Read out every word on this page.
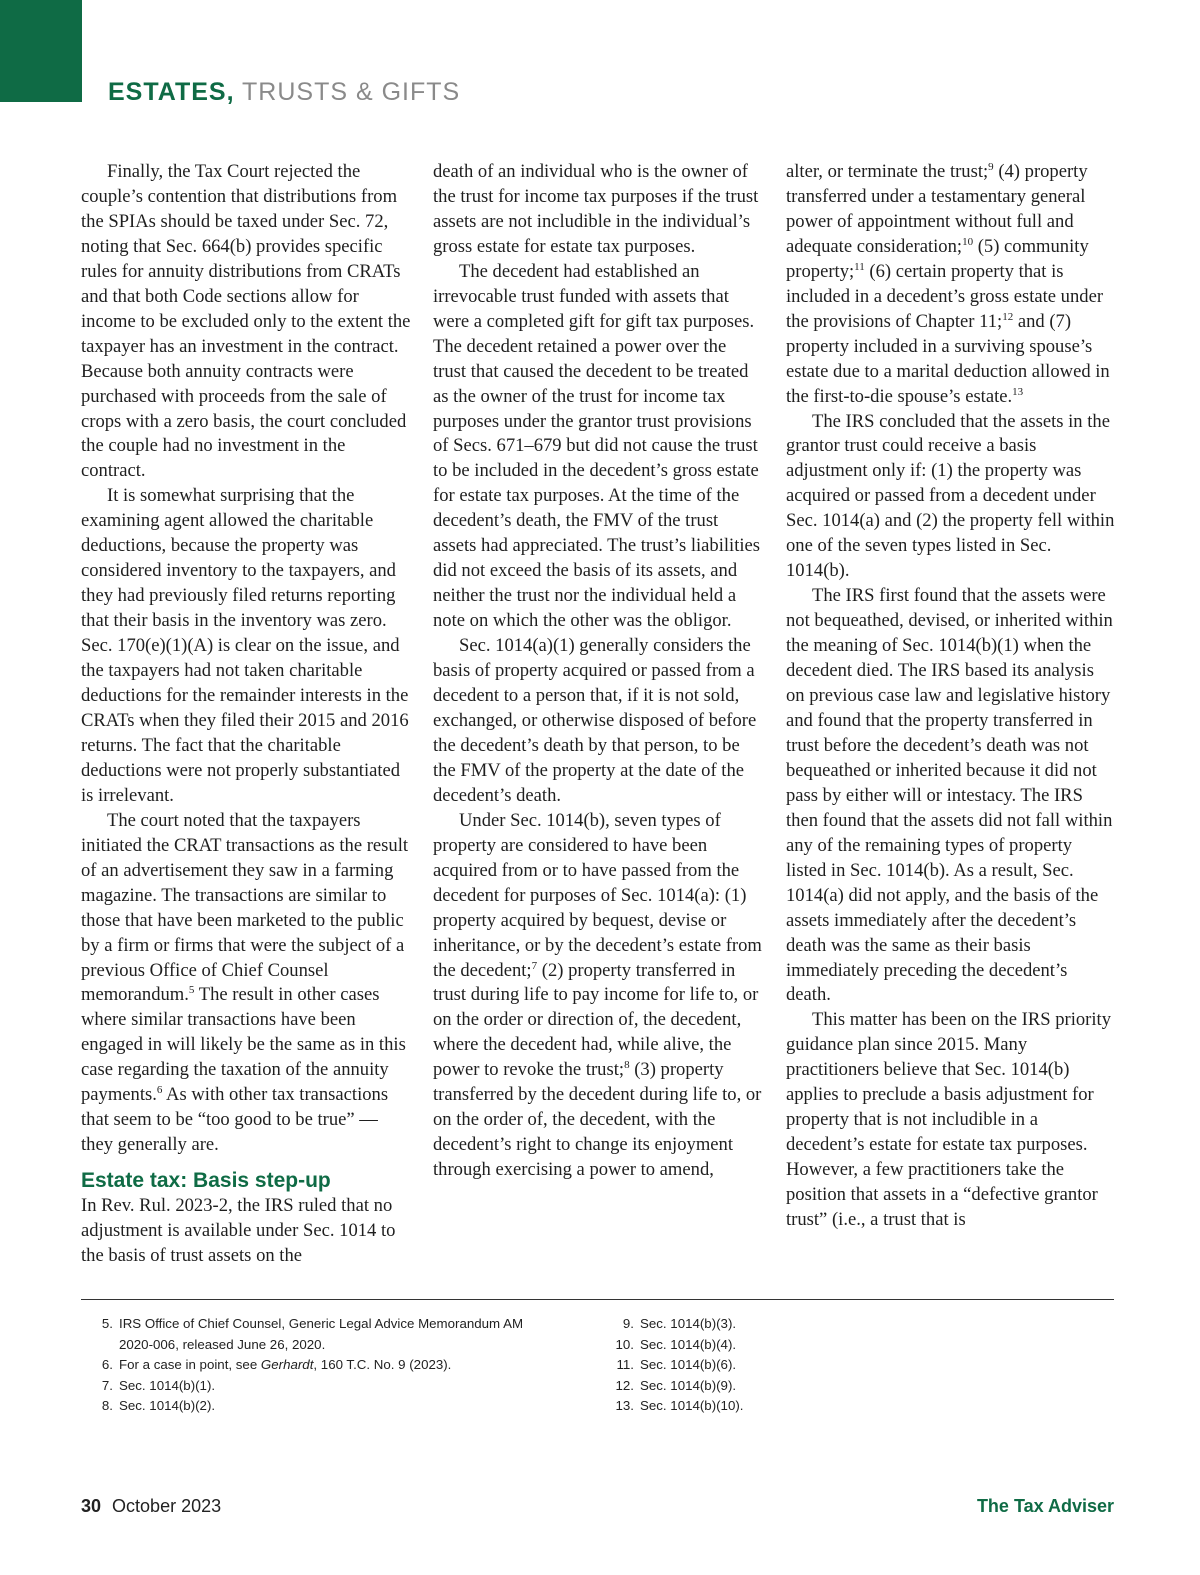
ESTATES, TRUSTS & GIFTS

Finally, the Tax Court rejected the couple’s contention that distributions from the SPIAs should be taxed under Sec. 72, noting that Sec. 664(b) provides specific rules for annuity distributions from CRATs and that both Code sections allow for income to be excluded only to the extent the taxpayer has an investment in the contract. Because both annuity contracts were purchased with proceeds from the sale of crops with a zero basis, the court concluded the couple had no investment in the contract.

It is somewhat surprising that the examining agent allowed the charitable deductions, because the property was considered inventory to the taxpayers, and they had previously filed returns reporting that their basis in the inventory was zero. Sec. 170(e)(1)(A) is clear on the issue, and the taxpayers had not taken charitable deductions for the remainder interests in the CRATs when they filed their 2015 and 2016 returns. The fact that the charitable deductions were not properly substantiated is irrelevant.

The court noted that the taxpayers initiated the CRAT transactions as the result of an advertisement they saw in a farming magazine. The transactions are similar to those that have been marketed to the public by a firm or firms that were the subject of a previous Office of Chief Counsel memorandum.$^5$ The result in other cases where similar transactions have been engaged in will likely be the same as in this case regarding the taxation of the annuity payments.$^6$ As with other tax transactions that seem to be “too good to be true” — they generally are.

Estate tax: Basis step-up

In Rev. Rul. 2023-2, the IRS ruled that no adjustment is available under Sec. 1014 to the basis of trust assets on the

death of an individual who is the owner of the trust for income tax purposes if the trust assets are not includible in the individual’s gross estate for estate tax purposes.

The decedent had established an irrevocable trust funded with assets that were a completed gift for gift tax purposes. The decedent retained a power over the trust that caused the decedent to be treated as the owner of the trust for income tax purposes under the grantor trust provisions of Secs. 671–679 but did not cause the trust to be included in the decedent’s gross estate for estate tax purposes. At the time of the decedent’s death, the FMV of the trust assets had appreciated. The trust’s liabilities did not exceed the basis of its assets, and neither the trust nor the individual held a note on which the other was the obligor.

Sec. 1014(a)(1) generally considers the basis of property acquired or passed from a decedent to a person that, if it is not sold, exchanged, or otherwise disposed of before the decedent’s death by that person, to be the FMV of the property at the date of the decedent’s death.

Under Sec. 1014(b), seven types of property are considered to have been acquired from or to have passed from the decedent for purposes of Sec. 1014(a): (1) property acquired by bequest, devise or inheritance, or by the decedent’s estate from the decedent;$^7$ (2) property transferred in trust during life to pay income for life to, or on the order or direction of, the decedent, where the decedent had, while alive, the power to revoke the trust;$^8$ (3) property transferred by the decedent during life to, or on the order of, the decedent, with the decedent’s right to change its enjoyment through exercising a power to amend,

alter, or terminate the trust;$^9$ (4) property transferred under a testamentary general power of appointment without full and adequate consideration;$^{10}$ (5) community property;$^{11}$ (6) certain property that is included in a decedent’s gross estate under the provisions of Chapter 11;$^{12}$ and (7) property included in a surviving spouse’s estate due to a marital deduction allowed in the first-to-die spouse’s estate.$^{13}$

The IRS concluded that the assets in the grantor trust could receive a basis adjustment only if: (1) the property was acquired or passed from a decedent under Sec. 1014(a) and (2) the property fell within one of the seven types listed in Sec. 1014(b).

The IRS first found that the assets were not bequeathed, devised, or inherited within the meaning of Sec. 1014(b)(1) when the decedent died. The IRS based its analysis on previous case law and legislative history and found that the property transferred in trust before the decedent’s death was not bequeathed or inherited because it did not pass by either will or intestacy. The IRS then found that the assets did not fall within any of the remaining types of property listed in Sec. 1014(b). As a result, Sec. 1014(a) did not apply, and the basis of the assets immediately after the decedent’s death was the same as their basis immediately preceding the decedent’s death.

This matter has been on the IRS priority guidance plan since 2015. Many practitioners believe that Sec. 1014(b) applies to preclude a basis adjustment for property that is not includible in a decedent’s estate for estate tax purposes. However, a few practitioners take the position that assets in a “defective grantor trust” (i.e., a trust that is

5. IRS Office of Chief Counsel, Generic Legal Advice Memorandum AM 2020-006, released June 26, 2020.
6. For a case in point, see Gerhardt, 160 T.C. No. 9 (2023).
7. Sec. 1014(b)(1).
8. Sec. 1014(b)(2).
9. Sec. 1014(b)(3).
10. Sec. 1014(b)(4).
11. Sec. 1014(b)(6).
12. Sec. 1014(b)(9).
13. Sec. 1014(b)(10).
30 October 2023	The Tax Adviser
